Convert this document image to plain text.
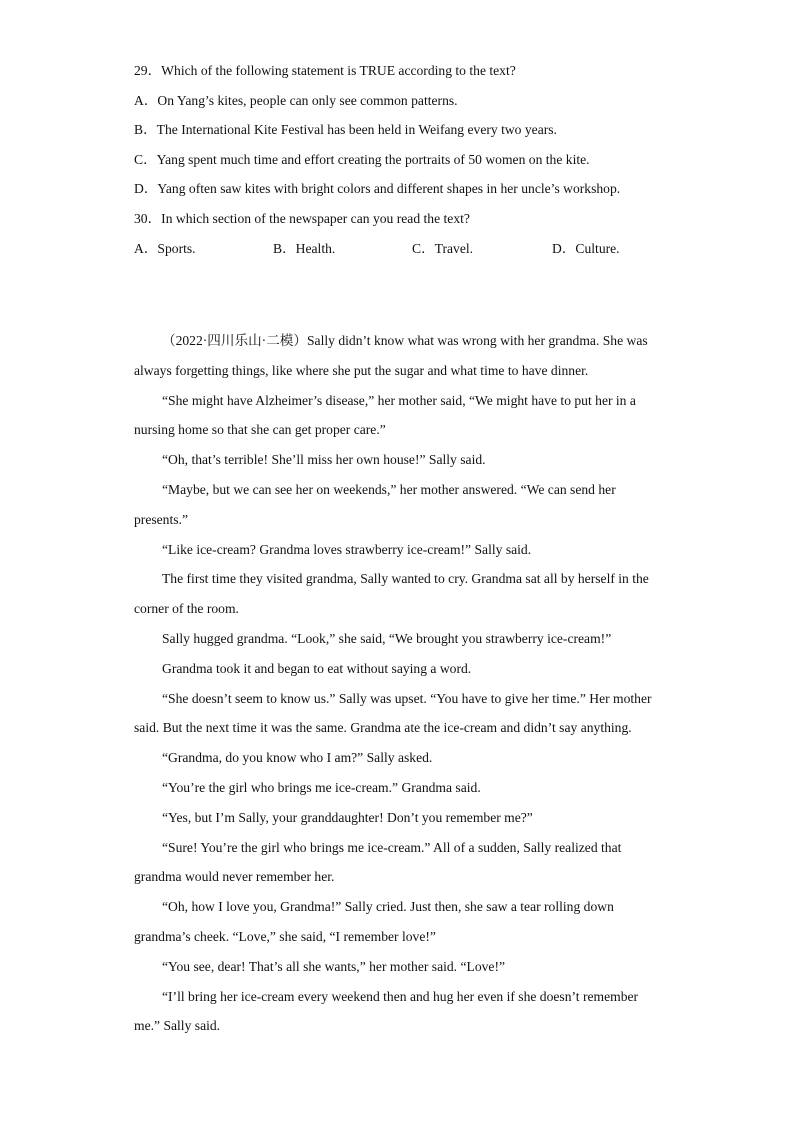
29．Which of the following statement is TRUE according to the text?
A．On Yang’s kites, people can only see common patterns.
B．The International Kite Festival has been held in Weifang every two years.
C．Yang spent much time and effort creating the portraits of 50 women on the kite.
D．Yang often saw kites with bright colors and different shapes in her uncle’s workshop.
30．In which section of the newspaper can you read the text?
A．Sports.	B．Health.	C．Travel.	D．Culture.

（2022·四川乐山·二模）Sally didn’t know what was wrong with her grandma. She was always forgetting things, like where she put the sugar and what time to have dinner.

“She might have Alzheimer’s disease,” her mother said, “We might have to put her in a nursing home so that she can get proper care.”

“Oh, that’s terrible! She’ll miss her own house!” Sally said.

“Maybe, but we can see her on weekends,” her mother answered. “We can send her presents.”

“Like ice-cream? Grandma loves strawberry ice-cream!” Sally said.

The first time they visited grandma, Sally wanted to cry. Grandma sat all by herself in the corner of the room.

Sally hugged grandma. “Look,” she said, “We brought you strawberry ice-cream!”

Grandma took it and began to eat without saying a word.

“She doesn’t seem to know us.” Sally was upset. “You have to give her time.” Her mother said. But the next time it was the same. Grandma ate the ice-cream and didn’t say anything.

“Grandma, do you know who I am?” Sally asked.

“You’re the girl who brings me ice-cream.” Grandma said.

“Yes, but I’m Sally, your granddaughter! Don’t you remember me?”

“Sure! You’re the girl who brings me ice-cream.” All of a sudden, Sally realized that grandma would never remember her.

“Oh, how I love you, Grandma!” Sally cried. Just then, she saw a tear rolling down grandma’s cheek. “Love,” she said, “I remember love!”

“You see, dear! That’s all she wants,” her mother said. “Love!”

“I’ll bring her ice-cream every weekend then and hug her even if she doesn’t remember me.” Sally said.
